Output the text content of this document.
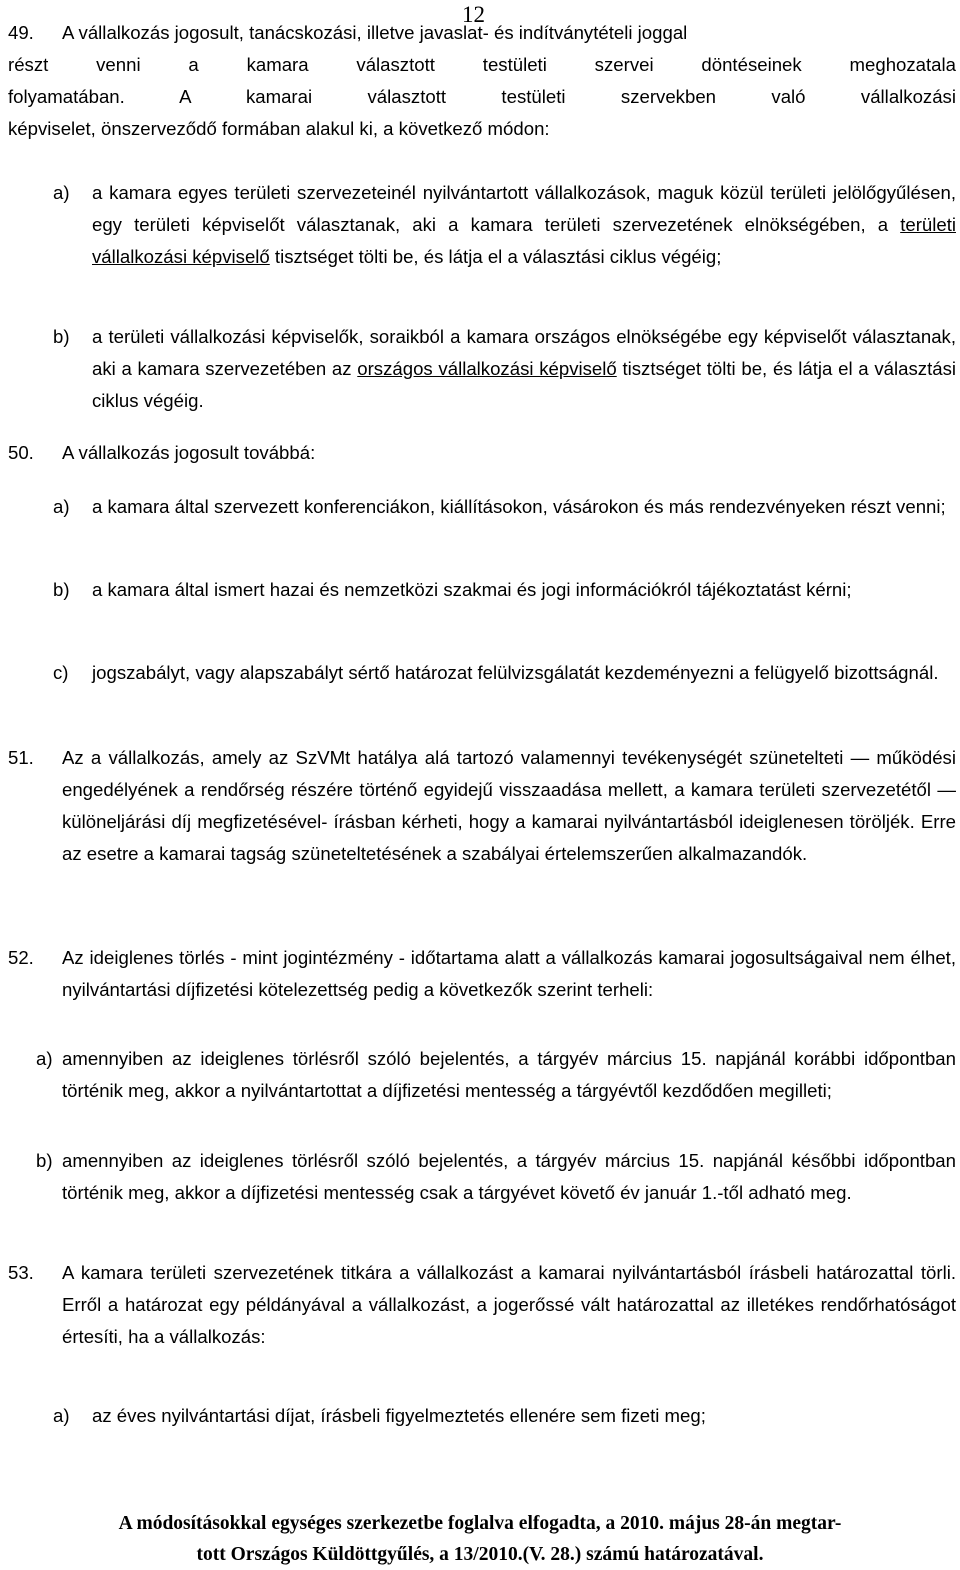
12
49. A vállalkozás jogosult, tanácskozási, illetve javaslat- és indítványtételi joggal
részt venni a kamara választott testületi szervei döntéseinek meghozatala
folyamatában. A kamarai választott testületi szervekben való vállalkozási
képviselet, önszerveződő formában alakul ki, a következő módon:
a) a kamara egyes területi szervezeteinél nyilvántartott vállalkozások, maguk közül területi jelölőgyűlésen, egy területi képviselőt választanak, aki a kamara területi szervezetének elnökségében, a területi vállalkozási képviselő tisztséget tölti be, és látja el a választási ciklus végéig;

b) a területi vállalkozási képviselők, soraikból a kamara országos elnökségébe egy képviselőt választanak, aki a kamara szervezetében az országos vállalkozási képviselő tisztséget tölti be, és látja el a választási ciklus végéig.

50. A vállalkozás jogosult továbbá:
a) a kamara által szervezett konferenciákon, kiállításokon, vásárokon és más rendezvényeken részt venni;

b) a kamara által ismert hazai és nemzetközi szakmai és jogi információkról tájékoztatást kérni;

c) jogszabályt, vagy alapszabályt sértő határozat felülvizsgálatát kezdeményezni a felügyelő bizottságnál.

51. Az a vállalkozás, amely az SzVMt hatálya alá tartozó valamennyi tevékenységét szünetelteti — működési engedélyének a rendőrség részére történő egyidejű visszaadása mellett, a kamara területi szervezetétől — különeljárási díj megfizetésével- írásban kérheti, hogy a kamarai nyilvántartásból ideiglenesen töröljék. Erre az esetre a kamarai tagság szüneteltetésének a szabályai értelemszerűen alkalmazandók.

52. Az ideiglenes törlés - mint jogintézmény - időtartama alatt a vállalkozás kamarai jogosultságaival nem élhet, nyilvántartási díjfizetési kötelezettség pedig a következők szerint terheli:

a) amennyiben az ideiglenes törlésről szóló bejelentés, a tárgyév március 15. napjánál korábbi időpontban történik meg, akkor a nyilvántartottat a díjfizetési mentesség a tárgyévtől kezdődően megilleti;

b) amennyiben az ideiglenes törlésről szóló bejelentés, a tárgyév március 15. napjánál későbbi időpontban történik meg, akkor a díjfizetési mentesség csak a tárgyévet követő év január 1.-től adható meg.

53. A kamara területi szervezetének titkára a vállalkozást a kamarai nyilvántartásból írásbeli határozattal törli. Erről a határozat egy példányával a vállalkozást, a jogerőssé vált határozattal az illetékes rendőrhatóságot értesíti, ha a vállalkozás:

a) az éves nyilvántartási díjat, írásbeli figyelmeztetés ellenére sem fizeti meg;

A módosításokkal egységes szerkezetbe foglalva elfogadta, a 2010. május 28-án megtar-
tott Országos Küldöttgyűlés, a 13/2010.(V. 28.) számú határozatával.
